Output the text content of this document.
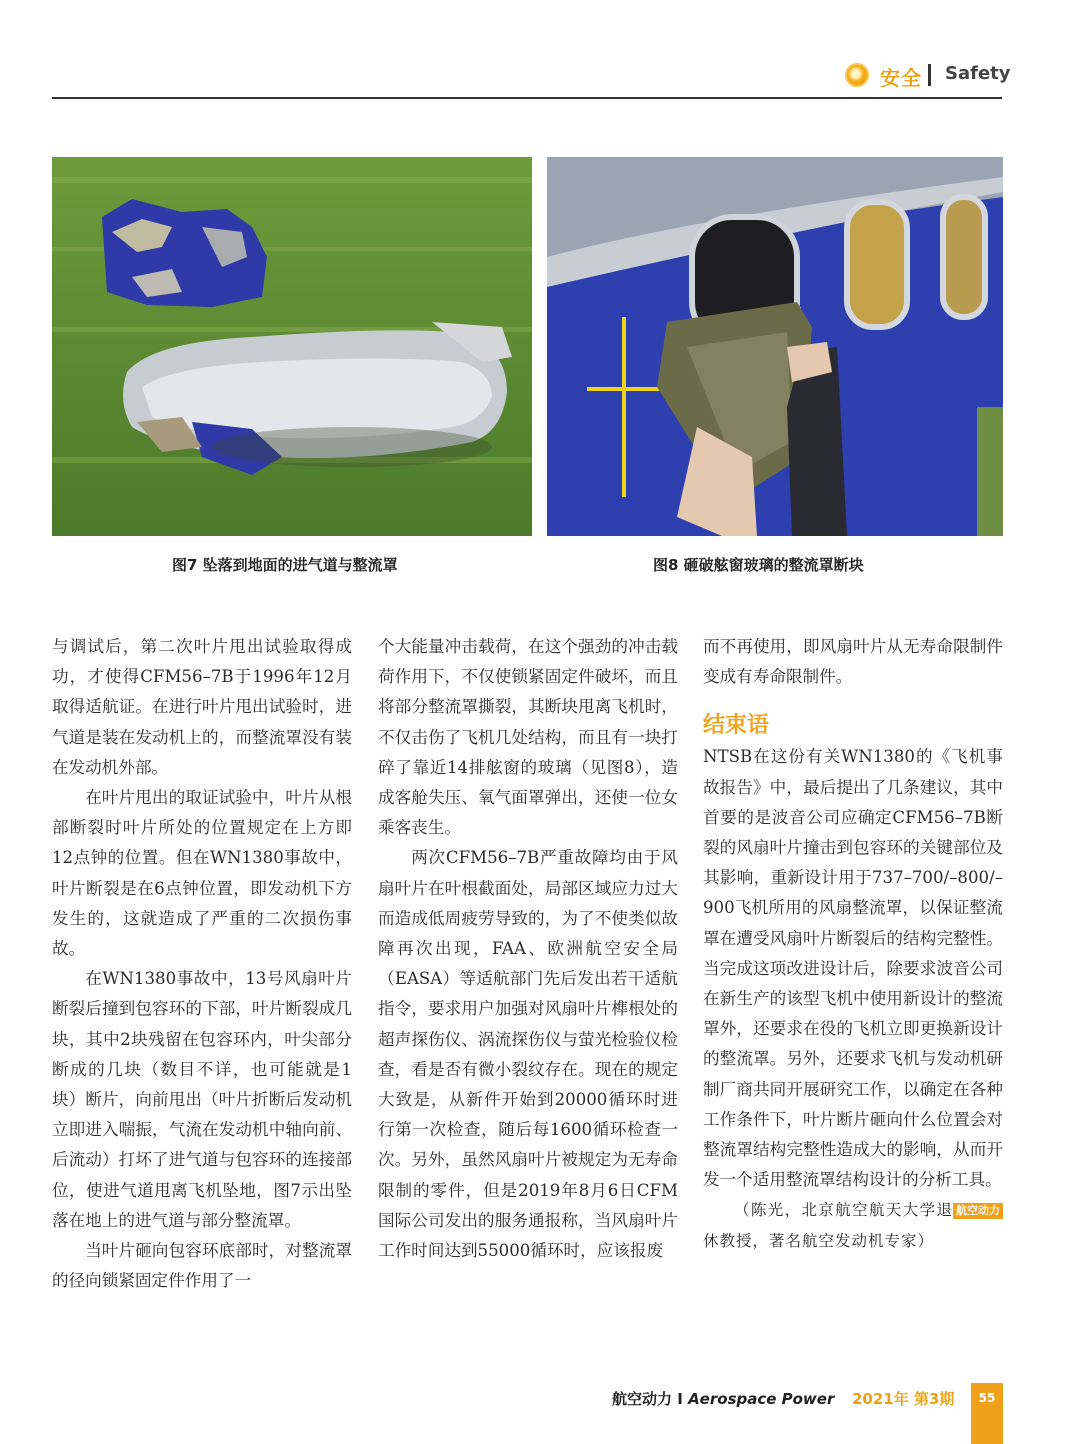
安全 Safety
图7 坠落到地面的进气道与整流罩	图8 砸破舷窗玻璃的整流罩断块

与调试后，第二次叶片甩出试验取得成功，才使得CFM56–7B于1996年12月取得适航证。在进行叶片甩出试验时，进气道是装在发动机上的，而整流罩没有装在发动机外部。

在叶片甩出的取证试验中，叶片从根部断裂时叶片所处的位置规定在上方即12点钟的位置。但在WN1380事故中，叶片断裂是在6点钟位置，即发动机下方发生的，这就造成了严重的二次损伤事故。

在WN1380事故中，13号风扇叶片断裂后撞到包容环的下部，叶片断裂成几块，其中2块残留在包容环内，叶尖部分断成的几块（数目不详，也可能就是1块）断片，向前甩出（叶片折断后发动机立即进入喘振，气流在发动机中轴向前、后流动）打坏了进气道与包容环的连接部位，使进气道甩离飞机坠地，图7示出坠落在地上的进气道与部分整流罩。

当叶片砸向包容环底部时，对整流罩的径向锁紧固定件作用了一

个大能量冲击载荷，在这个强劲的冲击载荷作用下，不仅使锁紧固定件破坏，而且将部分整流罩撕裂，其断块甩离飞机时，不仅击伤了飞机几处结构，而且有一块打碎了靠近14排舷窗的玻璃（见图8），造成客舱失压、氧气面罩弹出，还使一位女乘客丧生。

两次CFM56–7B严重故障均由于风扇叶片在叶根截面处，局部区域应力过大而造成低周疲劳导致的，为了不使类似故障再次出现，FAA、欧洲航空安全局（EASA）等适航部门先后发出若干适航指令，要求用户加强对风扇叶片榫根处的超声探伤仪、涡流探伤仪与萤光检验仪检查，看是否有微小裂纹存在。现在的规定大致是，从新件开始到20000循环时进行第一次检查，随后每1600循环检查一次。另外，虽然风扇叶片被规定为无寿命限制的零件，但是2019年8月6日CFM国际公司发出的服务通报称，当风扇叶片工作时间达到55000循环时，应该报废

而不再使用，即风扇叶片从无寿命限制件变成有寿命限制件。

结束语

NTSB在这份有关WN1380的《飞机事故报告》中，最后提出了几条建议，其中首要的是波音公司应确定CFM56–7B断裂的风扇叶片撞击到包容环的关键部位及其影响，重新设计用于737–700/–800/–900飞机所用的风扇整流罩，以保证整流罩在遭受风扇叶片断裂后的结构完整性。当完成这项改进设计后，除要求波音公司在新生产的该型飞机中使用新设计的整流罩外，还要求在役的飞机立即更换新设计的整流罩。另外，还要求飞机与发动机研制厂商共同开展研究工作，以确定在各种工作条件下，叶片断片砸向什么位置会对整流罩结构完整性造成大的影响，从而开发一个适用整流罩结构设计的分析工具。
航空动力

（陈光，北京航空航天大学退休教授，著名航空发动机专家）

航空动力 I Aerospace Power 2021年 第3期	55
